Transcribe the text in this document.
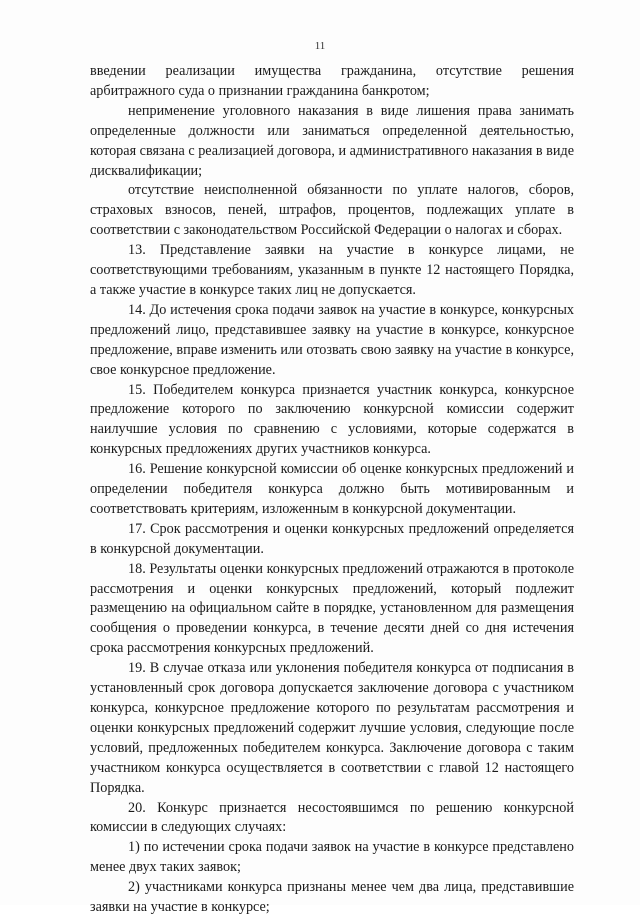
11

введении реализации имущества гражданина, отсутствие решения арбитражного суда о признании гражданина банкротом;

неприменение уголовного наказания в виде лишения права занимать определенные должности или заниматься определенной деятельностью, которая связана с реализацией договора, и административного наказания в виде дисквалификации;

отсутствие неисполненной обязанности по уплате налогов, сборов, страховых взносов, пеней, штрафов, процентов, подлежащих уплате в соответствии с законодательством Российской Федерации о налогах и сборах.

13. Представление заявки на участие в конкурсе лицами, не соответствующими требованиям, указанным в пункте 12 настоящего Порядка, а также участие в конкурсе таких лиц не допускается.

14. До истечения срока подачи заявок на участие в конкурсе, конкурсных предложений лицо, представившее заявку на участие в конкурсе, конкурсное предложение, вправе изменить или отозвать свою заявку на участие в конкурсе, свое конкурсное предложение.

15. Победителем конкурса признается участник конкурса, конкурсное предложение которого по заключению конкурсной комиссии содержит наилучшие условия по сравнению с условиями, которые содержатся в конкурсных предложениях других участников конкурса.

16. Решение конкурсной комиссии об оценке конкурсных предложений и определении победителя конкурса должно быть мотивированным и соответствовать критериям, изложенным в конкурсной документации.

17. Срок рассмотрения и оценки конкурсных предложений определяется в конкурсной документации.

18. Результаты оценки конкурсных предложений отражаются в протоколе рассмотрения и оценки конкурсных предложений, который подлежит размещению на официальном сайте в порядке, установленном для размещения сообщения о проведении конкурса, в течение десяти дней со дня истечения срока рассмотрения конкурсных предложений.

19. В случае отказа или уклонения победителя конкурса от подписания в установленный срок договора допускается заключение договора с участником конкурса, конкурсное предложение которого по результатам рассмотрения и оценки конкурсных предложений содержит лучшие условия, следующие после условий, предложенных победителем конкурса. Заключение договора с таким участником конкурса осуществляется в соответствии с главой 12 настоящего Порядка.

20. Конкурс признается несостоявшимся по решению конкурсной комиссии в следующих случаях:

1) по истечении срока подачи заявок на участие в конкурсе представлено менее двух таких заявок;

2) участниками конкурса признаны менее чем два лица, представившие заявки на участие в конкурсе;
